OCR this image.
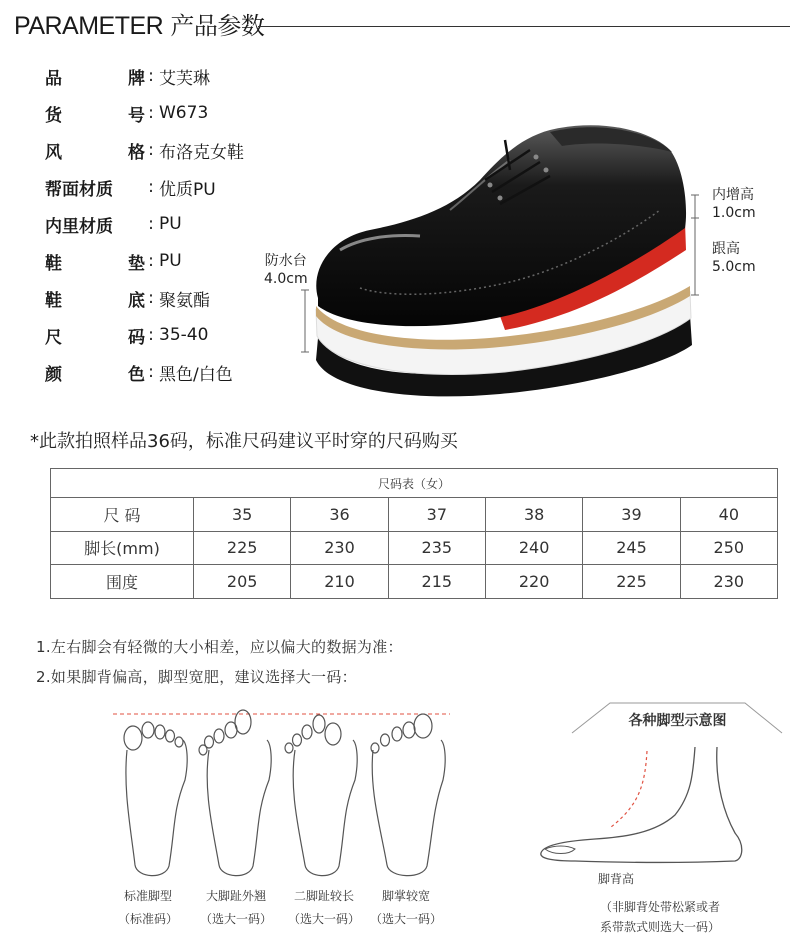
PARAMETER 产品参数
品	牌 : 艾芙琳
货	号 : W673
风	格 : 布洛克女鞋
帮面材质	: 优质PU
内里材质	: PU
鞋	垫 : PU
鞋	底 : 聚氨酯
尺	码 : 35-40
颜	色 : 黑色/白色
防水台
4.0cm
内增高
1.0cm
跟高
5.0cm
*此款拍照样品36码，标准尺码建议平时穿的尺码购买
尺码表（女）						
尺 码	35	36	37	38	39	40
脚长(mm)	225	230	235	240	245	250
围度	205	210	215	220	225	230
1.左右脚会有轻微的大小相差，应以偏大的数据为准：
2.如果脚背偏高，脚型宽肥，建议选择大一码：
标准脚型
（标准码）
大脚趾外翘
（选大一码）
二脚趾较长
（选大一码）
脚掌较宽
（选大一码）
各种脚型示意图
脚背高
（非脚背处带松紧或者
系带款式则选大一码）
